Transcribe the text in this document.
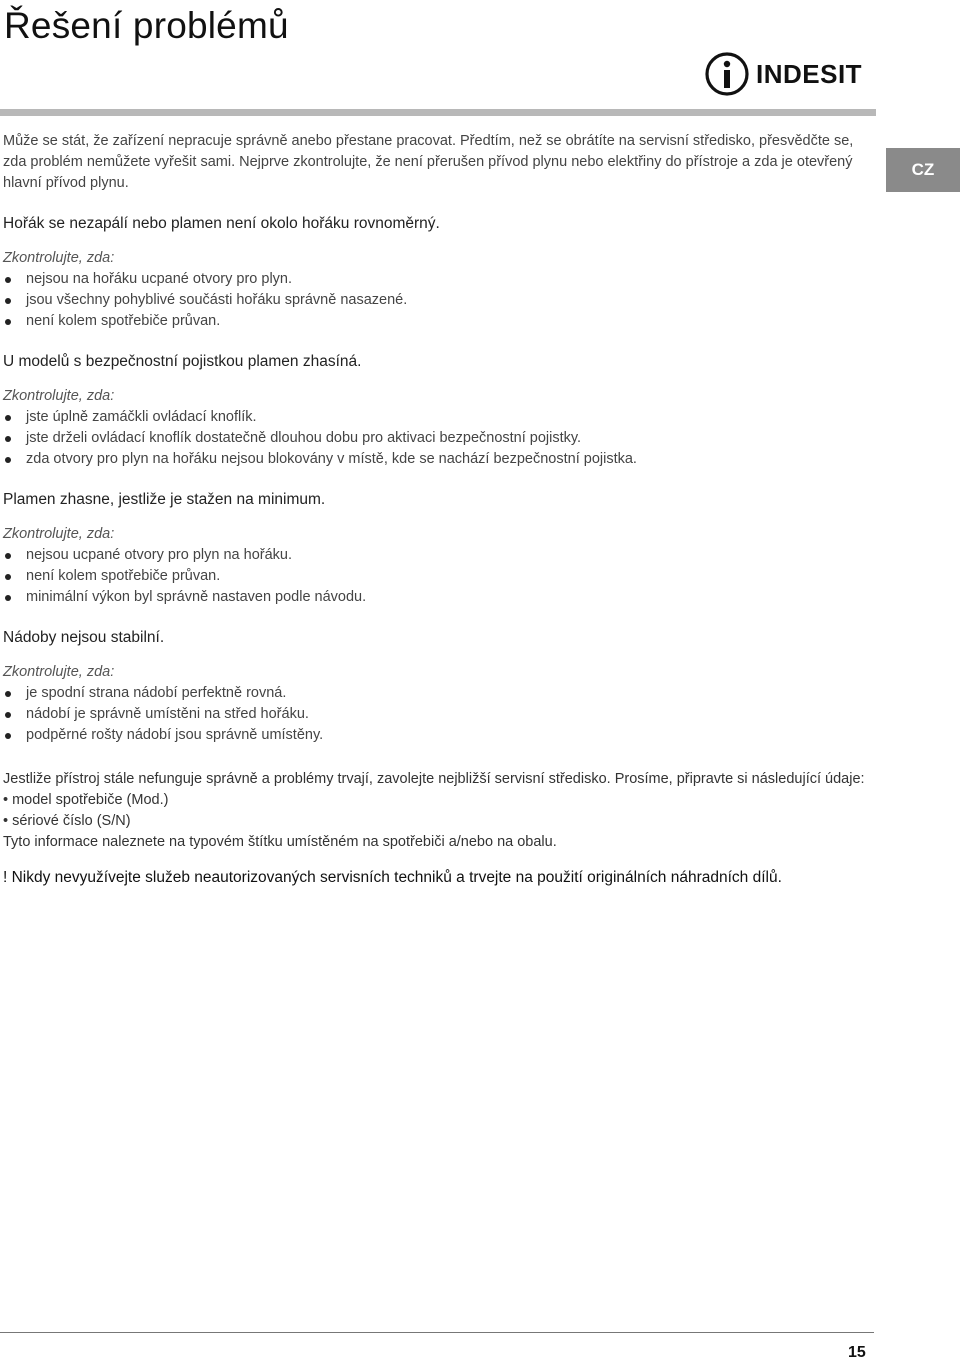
Řešení problémů
INDESIT
CZ

Může se stát, že zařízení nepracuje správně anebo přestane pracovat. Předtím, než se obrátíte na servisní středisko, přesvědčte se, zda problém nemůžete vyřešit sami. Nejprve zkontrolujte, že není přerušen přívod plynu nebo elektřiny do přístroje a zda je otevřený hlavní přívod plynu.

Hořák se nezapálí nebo plamen není okolo hořáku rovnoměrný.

Zkontrolujte, zda:

nejsou na hořáku ucpané otvory pro plyn.
jsou všechny pohyblivé součásti hořáku správně nasazené.
není kolem spotřebiče průvan.

U modelů s bezpečnostní pojistkou plamen zhasíná.

Zkontrolujte, zda:

jste úplně zamáčkli ovládací knoflík.
jste drželi ovládací knoflík dostatečně dlouhou dobu pro aktivaci bezpečnostní pojistky.
zda otvory pro plyn na hořáku nejsou blokovány v místě, kde se nachází bezpečnostní pojistka.

Plamen zhasne, jestliže je stažen na minimum.

Zkontrolujte, zda:

nejsou ucpané otvory pro plyn na hořáku.
není kolem spotřebiče průvan.
minimální výkon byl správně nastaven podle návodu.

Nádoby nejsou stabilní.

Zkontrolujte, zda:

je spodní strana nádobí perfektně rovná.
nádobí je správně umístěni na střed hořáku.
podpěrné rošty nádobí jsou správně umístěny.

Jestliže přístroj stále nefunguje správně a problémy trvají, zavolejte nejbližší servisní středisko. Prosíme, připravte si následující údaje:

• model spotřebiče (Mod.)

• sériové číslo (S/N)

Tyto informace naleznete na typovém štítku umístěném na spotřebiči a/nebo na obalu.

! Nikdy nevyužívejte služeb neautorizovaných servisních techniků a trvejte na použití originálních náhradních dílů.

15
